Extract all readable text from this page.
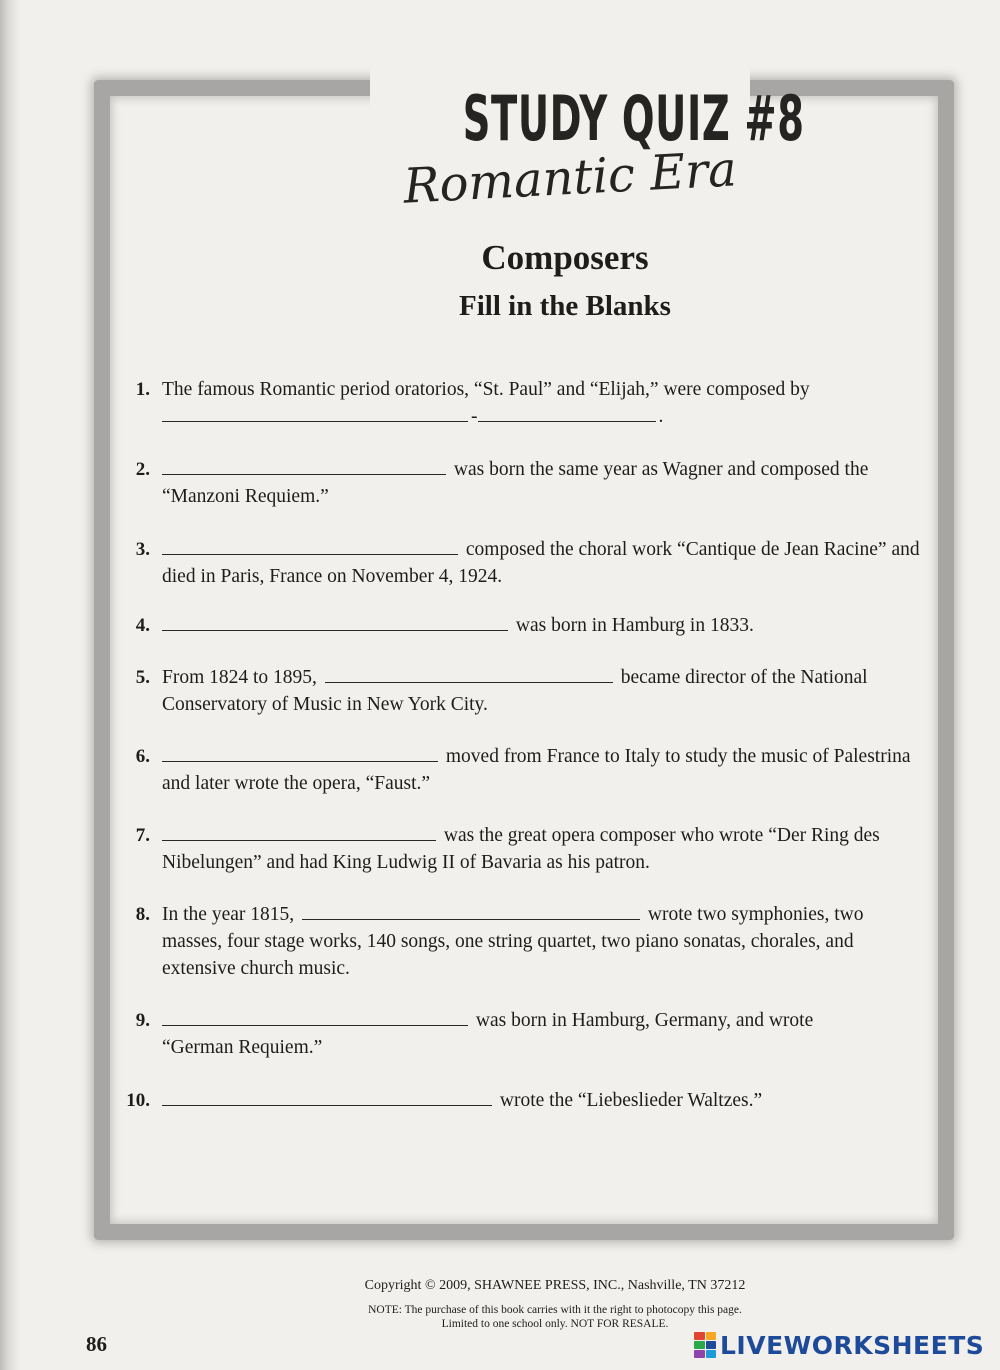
STUDY QUIZ #8
Romantic Era
Composers
Fill in the Blanks
1. The famous Romantic period oratorios, “St. Paul” and “Elijah,” were composed by
-	.
2.	was born the same year as Wagner and composed the
“Manzoni Requiem.”
3.	composed the choral work “Cantique de Jean Racine” and
died in Paris, France on November 4, 1924.
4.	was born in Hamburg in 1833.
5. From 1824 to 1895,	became director of the National
Conservatory of Music in New York City.
6.	moved from France to Italy to study the music of Palestrina
and later wrote the opera, “Faust.”
7.	was the great opera composer who wrote “Der Ring des
Nibelungen” and had King Ludwig II of Bavaria as his patron.
8. In the year 1815,	wrote two symphonies, two
masses, four stage works, 140 songs, one string quartet, two piano sonatas, chorales, and
extensive church music.
9.	was born in Hamburg, Germany, and wrote
“German Requiem.”
10.	wrote the “Liebeslieder Waltzes.”
Copyright © 2009, SHAWNEE PRESS, INC., Nashville, TN 37212
NOTE: The purchase of this book carries with it the right to photocopy this page.
Limited to one school only. NOT FOR RESALE.
86	LIVEWORKSHEETS
